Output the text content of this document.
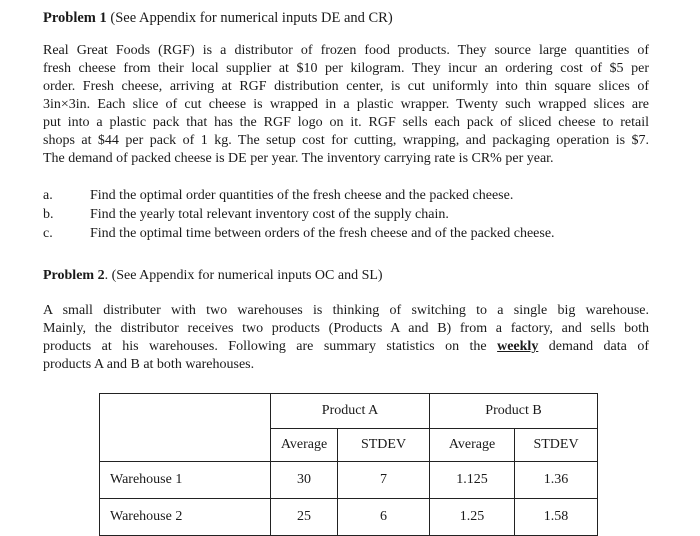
Problem 1 (See Appendix for numerical inputs DE and CR)
Real Great Foods (RGF) is a distributor of frozen food products. They source large quantities of
fresh cheese from their local supplier at $10 per kilogram. They incur an ordering cost of $5 per
order. Fresh cheese, arriving at RGF distribution center, is cut uniformly into thin square slices of
3in×3in. Each slice of cut cheese is wrapped in a plastic wrapper. Twenty such wrapped slices are
put into a plastic pack that has the RGF logo on it. RGF sells each pack of sliced cheese to retail
shops at $44 per pack of 1 kg. The setup cost for cutting, wrapping, and packaging operation is $7.
The demand of packed cheese is DE per year. The inventory carrying rate is CR% per year.
a.	Find the optimal order quantities of the fresh cheese and the packed cheese.
b.	Find the yearly total relevant inventory cost of the supply chain.
c.	Find the optimal time between orders of the fresh cheese and of the packed cheese.
Problem 2. (See Appendix for numerical inputs OC and SL)
A small distributer with two warehouses is thinking of switching to a single big warehouse.
Mainly, the distributor receives two products (Products A and B) from a factory, and sells both
products at his warehouses. Following are summary statistics on the weekly demand data of
products A and B at both warehouses.
	Product A		Product B	
	Average	STDEV	Average	STDEV
Warehouse 1	30	7	1.125	1.36
Warehouse 2	25	6	1.25	1.58
